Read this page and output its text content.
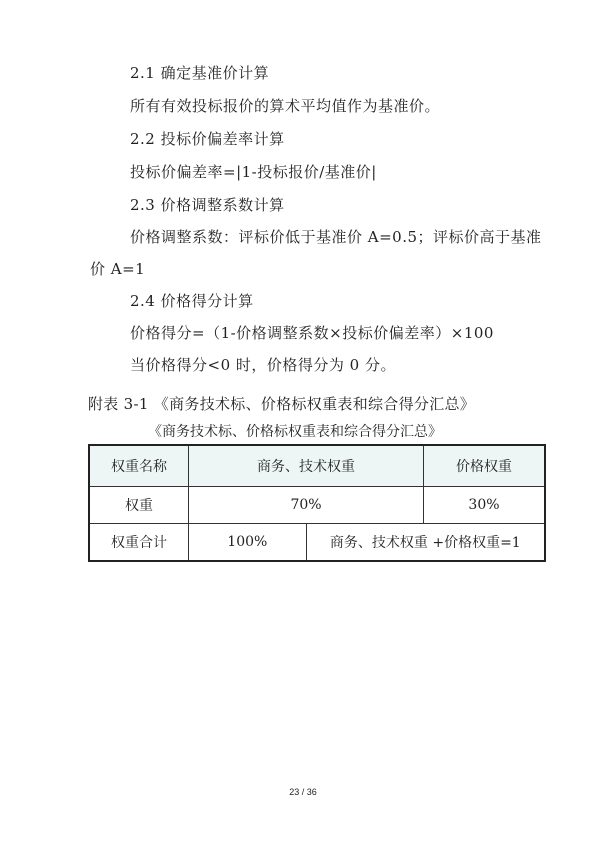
2.1 确定基准价计算
所有有效投标报价的算术平均值作为基准价。
2.2 投标价偏差率计算
投标价偏差率=|1-投标报价/基准价|
2.3 价格调整系数计算
价格调整系数：评标价低于基准价 A=0.5；评标价高于基准
价 A=1
2.4 价格得分计算
价格得分=（1-价格调整系数×投标价偏差率）×100
当价格得分<0 时，价格得分为 0 分。
附表 3-1 《商务技术标、价格标权重表和综合得分汇总》
《商务技术标、价格标权重表和综合得分汇总》
权重名称	商务、技术权重		价格权重
权重	70%		30%
权重合计	100%	商务、技术权重 +价格权重=1	
23 / 36
